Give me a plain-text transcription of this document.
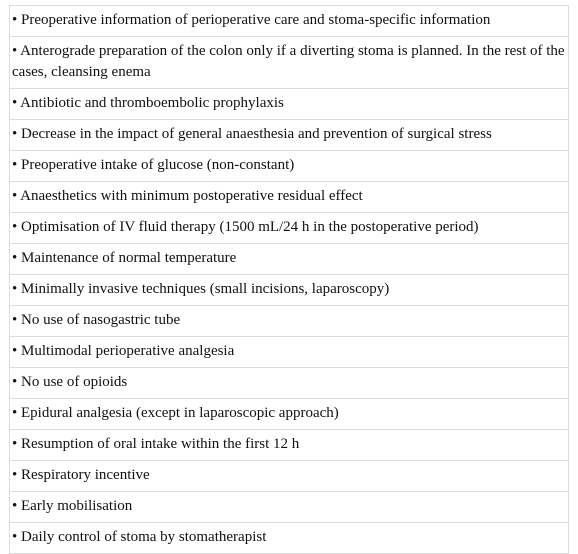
• Preoperative information of perioperative care and stoma-specific information
• Anterograde preparation of the colon only if a diverting stoma is planned. In the rest of the cases, cleansing enema
• Antibiotic and thromboembolic prophylaxis
• Decrease in the impact of general anaesthesia and prevention of surgical stress
• Preoperative intake of glucose (non-constant)
• Anaesthetics with minimum postoperative residual effect
• Optimisation of IV fluid therapy (1500 mL/24 h in the postoperative period)
• Maintenance of normal temperature
• Minimally invasive techniques (small incisions, laparoscopy)
• No use of nasogastric tube
• Multimodal perioperative analgesia
• No use of opioids
• Epidural analgesia (except in laparoscopic approach)
• Resumption of oral intake within the first 12 h
• Respiratory incentive
• Early mobilisation
• Daily control of stoma by stomatherapist
